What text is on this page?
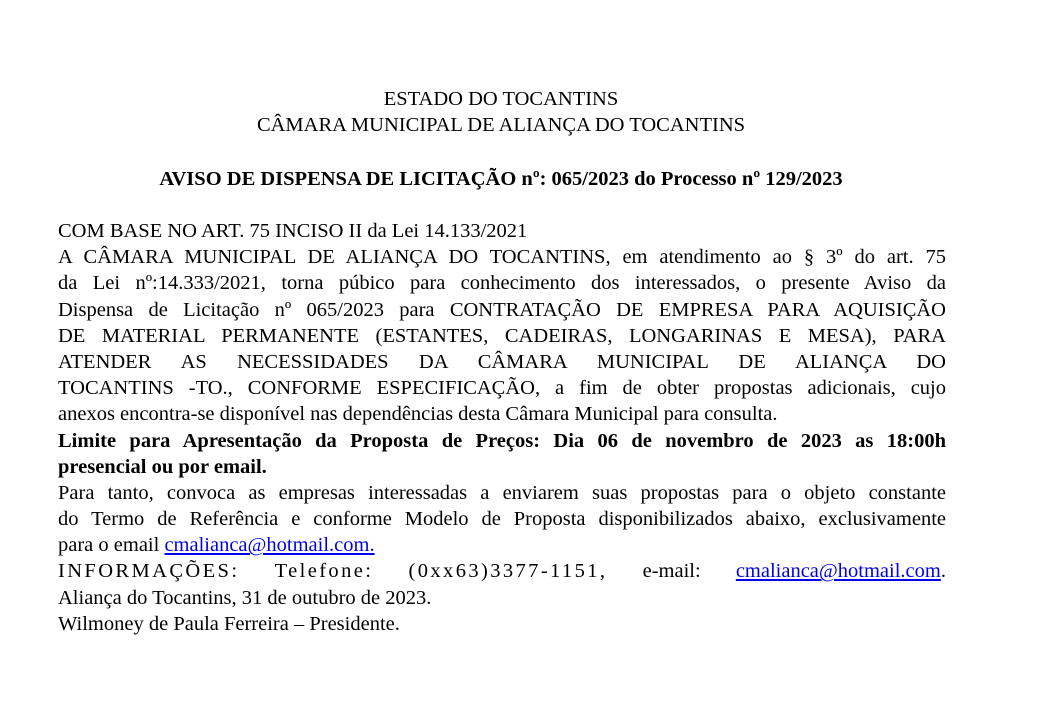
ESTADO DO TOCANTINS
CÂMARA MUNICIPAL DE ALIANÇA DO TOCANTINS
AVISO DE DISPENSA DE LICITAÇÃO nº: 065/2023 do Processo nº 129/2023
COM BASE NO ART. 75 INCISO II da Lei 14.133/2021
A CÂMARA MUNICIPAL DE ALIANÇA DO TOCANTINS, em atendimento ao § 3º do art. 75
da Lei nº:14.333/2021, torna púbico para conhecimento dos interessados, o presente Aviso da
Dispensa de Licitação nº 065/2023 para CONTRATAÇÃO DE EMPRESA PARA AQUISIÇÃO
DE MATERIAL PERMANENTE (ESTANTES, CADEIRAS, LONGARINAS E MESA), PARA
ATENDER AS NECESSIDADES DA CÂMARA MUNICIPAL DE ALIANÇA DO
TOCANTINS -TO., CONFORME ESPECIFICAÇÃO, a fim de obter propostas adicionais, cujo
anexos encontra-se disponível nas dependências desta Câmara Municipal para consulta.
Limite para Apresentação da Proposta de Preços: Dia 06 de novembro de 2023 as 18:00h
presencial ou por email.
Para tanto, convoca as empresas interessadas a enviarem suas propostas para o objeto constante
do Termo de Referência e conforme Modelo de Proposta disponibilizados abaixo, exclusivamente
para o email cmalianca@hotmail.com.
INFORMAÇÕES: Telefone: (0xx63)3377-1151, e-mail: cmalianca@hotmail.com.
Aliança do Tocantins, 31 de outubro de 2023.
Wilmoney de Paula Ferreira – Presidente.
